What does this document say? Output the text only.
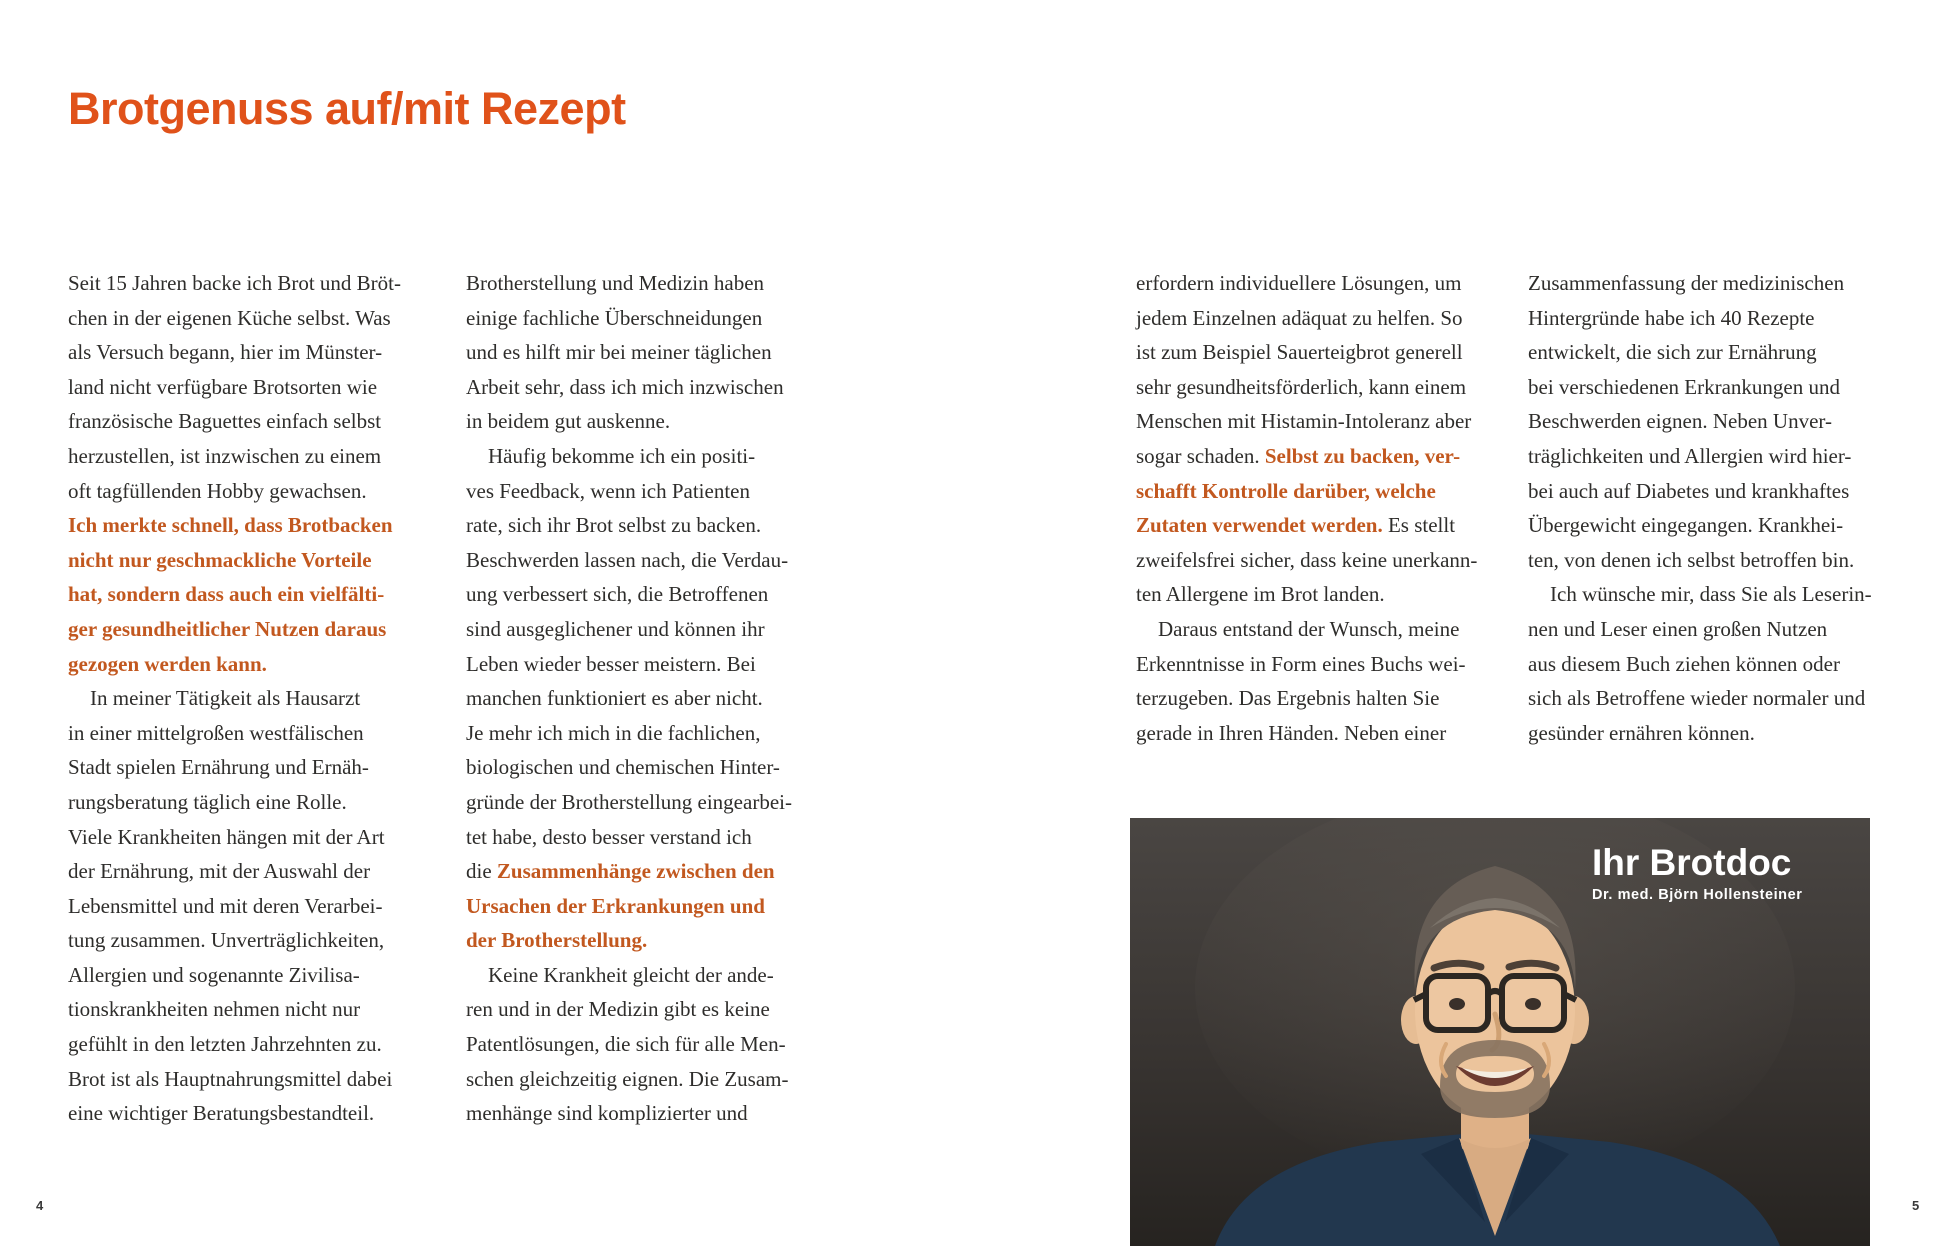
Brotgenuss auf/mit Rezept
Seit 15 Jahren backe ich Brot und Bröt-
chen in der eigenen Küche selbst. Was
als Versuch begann, hier im Münster-
land nicht verfügbare Brotsorten wie
französische Baguettes einfach selbst
herzustellen, ist inzwischen zu einem
oft tagfüllenden Hobby gewachsen.
Ich merkte schnell, dass Brotbacken
nicht nur geschmackliche Vorteile
hat, sondern dass auch ein vielfälti-
ger gesundheitlicher Nutzen daraus
gezogen werden kann.
In meiner Tätigkeit als Hausarzt
in einer mittelgroßen westfälischen
Stadt spielen Ernährung und Ernäh-
rungsberatung täglich eine Rolle.
Viele Krankheiten hängen mit der Art
der Ernährung, mit der Auswahl der
Lebensmittel und mit deren Verarbei-
tung zusammen. Unverträglichkeiten,
Allergien und sogenannte Zivilisa-
tionskrankheiten nehmen nicht nur
gefühlt in den letzten Jahrzehnten zu.
Brot ist als Hauptnahrungsmittel dabei
eine wichtiger Beratungsbestandteil.
Brotherstellung und Medizin haben
einige fachliche Überschneidungen
und es hilft mir bei meiner täglichen
Arbeit sehr, dass ich mich inzwischen
in beidem gut auskenne.
Häufig bekomme ich ein positi-
ves Feedback, wenn ich Patienten
rate, sich ihr Brot selbst zu backen.
Beschwerden lassen nach, die Verdau-
ung verbessert sich, die Betroffenen
sind ausgeglichener und können ihr
Leben wieder besser meistern. Bei
manchen funktioniert es aber nicht.
Je mehr ich mich in die fachlichen,
biologischen und chemischen Hinter-
gründe der Brotherstellung eingearbei-
tet habe, desto besser verstand ich
die Zusammenhänge zwischen den
Ursachen der Erkrankungen und
der Brotherstellung.
Keine Krankheit gleicht der ande-
ren und in der Medizin gibt es keine
Patentlösungen, die sich für alle Men-
schen gleichzeitig eignen. Die Zusam-
menhänge sind komplizierter und
erfordern individuellere Lösungen, um
jedem Einzelnen adäquat zu helfen. So
ist zum Beispiel Sauerteigbrot generell
sehr gesundheitsförderlich, kann einem
Menschen mit Histamin-Intoleranz aber
sogar schaden. Selbst zu backen, ver-
schafft Kontrolle darüber, welche
Zutaten verwendet werden. Es stellt
zweifelsfrei sicher, dass keine unerkann-
ten Allergene im Brot landen.
Daraus entstand der Wunsch, meine
Erkenntnisse in Form eines Buchs wei-
terzugeben. Das Ergebnis halten Sie
gerade in Ihren Händen. Neben einer
Zusammenfassung der medizinischen
Hintergründe habe ich 40 Rezepte
entwickelt, die sich zur Ernährung
bei verschiedenen Erkrankungen und
Beschwerden eignen. Neben Unver-
träglichkeiten und Allergien wird hier-
bei auch auf Diabetes und krankhaftes
Übergewicht eingegangen. Krankhei-
ten, von denen ich selbst betroffen bin.
Ich wünsche mir, dass Sie als Leserin-
nen und Leser einen großen Nutzen
aus diesem Buch ziehen können oder
sich als Betroffene wieder normaler und
gesünder ernähren können.
Ihr Brotdoc
Dr. med. Björn Hollensteiner
4	5
